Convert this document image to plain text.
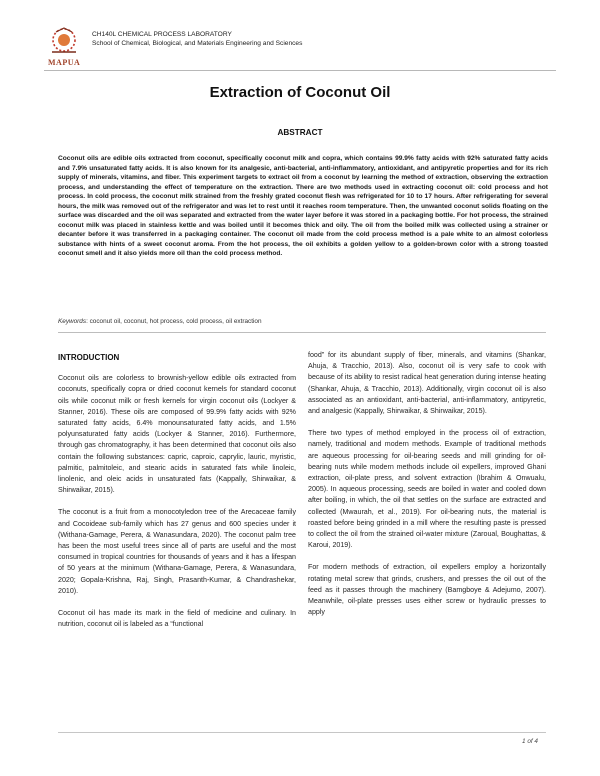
MAPUA
CH140L CHEMICAL PROCESS LABORATORY
School of Chemical, Biological, and Materials Engineering and Sciences
Extraction of Coconut Oil
ABSTRACT

Coconut oils are edible oils extracted from coconut, specifically coconut milk and copra, which contains 99.9% fatty acids with 92% saturated fatty acids and 7.9% unsaturated fatty acids. It is also known for its analgesic, anti-bacterial, anti-inflammatory, antioxidant, and antipyretic properties and for its rich supply of minerals, vitamins, and fiber. This experiment targets to extract oil from a coconut by learning the method of extraction, observing the extraction process, and understanding the effect of temperature on the extraction. There are two methods used in extracting coconut oil: cold process and hot process. In cold process, the coconut milk strained from the freshly grated coconut flesh was refrigerated for 10 to 17 hours. After refrigerating for several hours, the milk was removed out of the refrigerator and was let to rest until it reaches room temperature. Then, the unwanted coconut solids floating on the surface was discarded and the oil was separated and extracted from the water layer before it was stored in a packaging bottle. For hot process, the strained coconut milk was placed in stainless kettle and was boiled until it becomes thick and oily. The oil from the boiled milk was collected using a strainer or decanter before it was transferred in a packaging container. The coconut oil made from the cold process method is a pale white to an almost colorless substance with hints of a sweet coconut aroma. From the hot process, the oil exhibits a golden yellow to a golden-brown color with a strong toasted coconut smell and it also yields more oil than the cold process method.

Keywords: coconut oil, coconut, hot process, cold process, oil extraction
INTRODUCTION

Coconut oils are colorless to brownish-yellow edible oils extracted from coconuts, specifically copra or dried coconut kernels for standard coconut oils while coconut milk or fresh kernels for virgin coconut oils (Lockyer & Stanner, 2016). These oils are composed of 99.9% fatty acids with 92% saturated fatty acids, 6.4% monounsaturated fatty acids, and 1.5% polyunsaturated fatty acids (Lockyer & Stanner, 2016). Furthermore, through gas chromatography, it has been determined that coconut oils also contain the following substances: capric, caproic, caprylic, lauric, myristic, palmitic, palmitoleic, and stearic acids in saturated fats while linoleic, linolenic, and oleic acids in unsaturated fats (Kappally, Shirwaikar, & Shirwaikar, 2015).

The coconut is a fruit from a monocotyledon tree of the Arecaceae family and Cocoideae sub-family which has 27 genus and 600 species under it (Withana-Gamage, Perera, & Wanasundara, 2020). The coconut palm tree has been the most useful trees since all of parts are useful and the most consumed in tropical countries for thousands of years and it has a lifespan of 50 years at the minimum (Withana-Gamage, Perera, & Wanasundara, 2020; Gopala-Krishna, Raj, Singh, Prasanth-Kumar, & Chandrashekar, 2010).

Coconut oil has made its mark in the field of medicine and culinary. In nutrition, coconut oil is labeled as a “functional

food” for its abundant supply of fiber, minerals, and vitamins (Shankar, Ahuja, & Tracchio, 2013). Also, coconut oil is very safe to cook with because of its ability to resist radical heat generation during intense heating (Shankar, Ahuja, & Tracchio, 2013). Additionally, virgin coconut oil is also associated as an antioxidant, anti-bacterial, anti-inflammatory, antipyretic, and analgesic (Kappally, Shirwaikar, & Shirwaikar, 2015).

There two types of method employed in the process oil of extraction, namely, traditional and modern methods. Example of traditional methods are aqueous processing for oil-bearing seeds and mill grinding for oil-bearing nuts while modern methods include oil expellers, improved Ghani extraction, oil-plate press, and solvent extraction (Ibrahim & Onwualu, 2005). In aqueous processing, seeds are boiled in water and cooled down after boiling, in which, the oil that settles on the surface are extracted and collected (Mwaurah, et al., 2019). For oil-bearing nuts, the material is roasted before being grinded in a mill where the resulting paste is pressed to collect the oil from the strained oil-water mixture (Zaroual, Boughattas, & Karoui, 2019).

For modern methods of extraction, oil expellers employ a horizontally rotating metal screw that grinds, crushers, and presses the oil out of the feed as it passes through the machinery (Bamgboye & Adejumo, 2007). Meanwhile, oil-plate presses uses either screw or hydraulic presses to apply

1 of 4
